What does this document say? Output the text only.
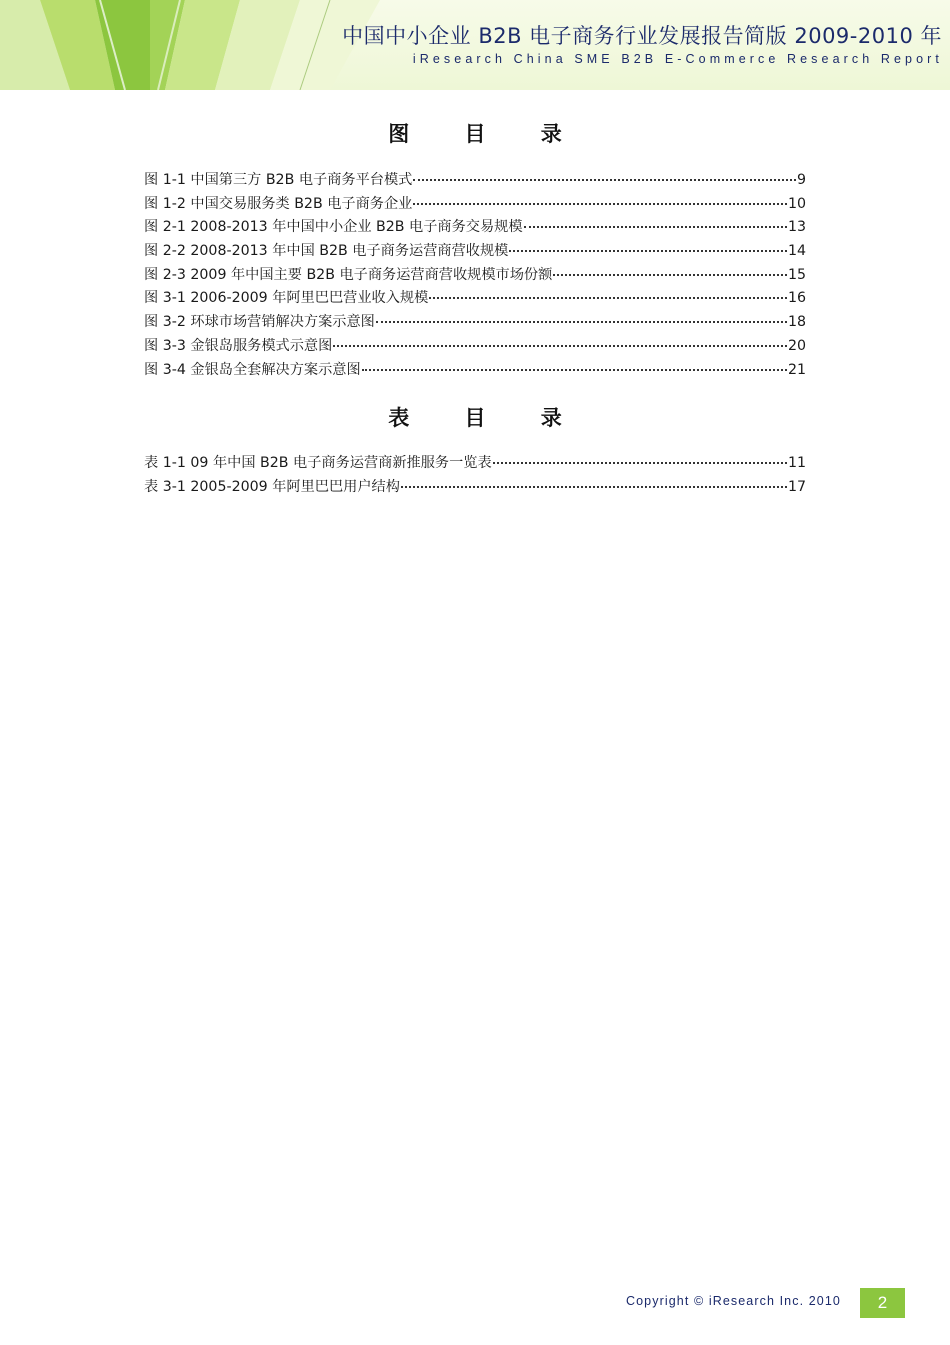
中国中小企业 B2B 电子商务行业发展报告简版 2009-2010 年
iResearch China SME B2B E-Commerce Research Report
图 目 录
图 1-1 中国第三方 B2B 电子商务平台模式	9
图 1-2 中国交易服务类 B2B 电子商务企业	10
图 2-1 2008-2013 年中国中小企业 B2B 电子商务交易规模	13
图 2-2 2008-2013 年中国 B2B 电子商务运营商营收规模	14
图 2-3 2009 年中国主要 B2B 电子商务运营商营收规模市场份额	15
图 3-1 2006-2009 年阿里巴巴营业收入规模	16
图 3-2 环球市场营销解决方案示意图	18
图 3-3 金银岛服务模式示意图	20
图 3-4 金银岛全套解决方案示意图	21
表 目 录
表 1-1 09 年中国 B2B 电子商务运营商新推服务一览表	11
表 3-1 2005-2009 年阿里巴巴用户结构	17
Copyright © iResearch Inc. 2010	2
